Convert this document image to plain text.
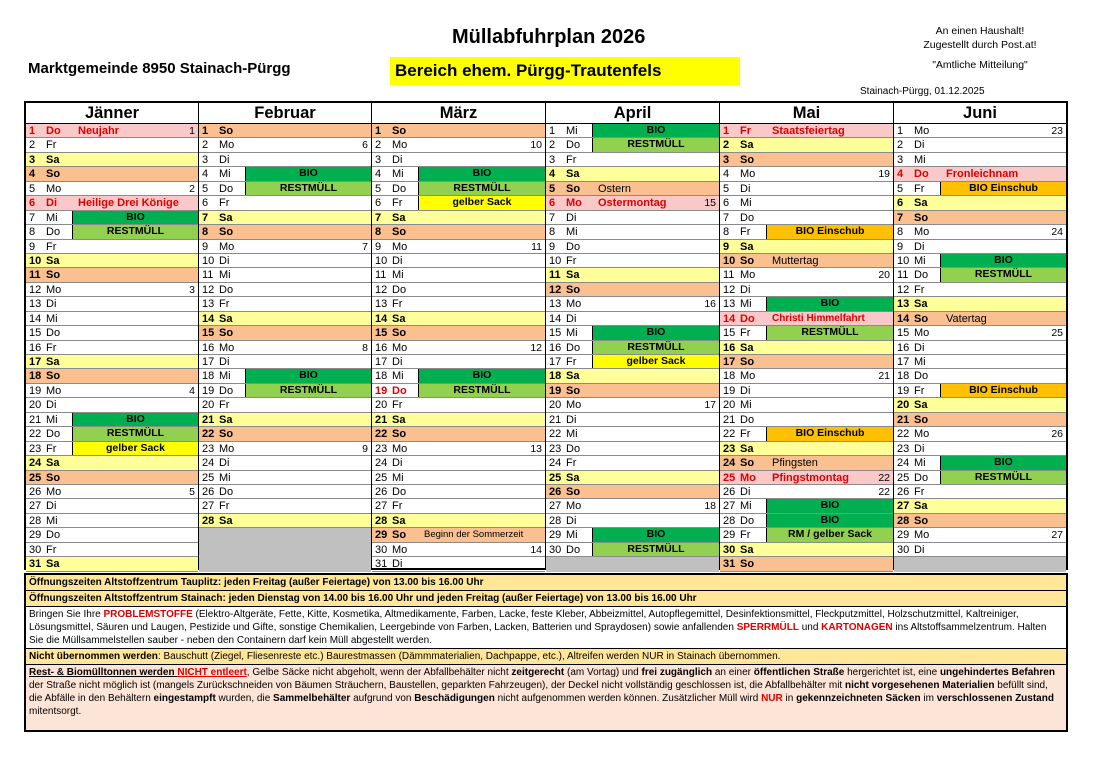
Müllabfuhrplan 2026
Marktgemeinde 8950 Stainach-Pürgg	Bereich ehem. Pürgg-Trautenfels
An einen Haushalt!
Zugestellt durch Post.at!
"Amtliche Mitteilung"
Stainach-Pürgg, 01.12.2025
Jänner
1 Do Neujahr	1
2 Fr
3 Sa
4 So
5 Mo	2
6 Di Heilige Drei Könige
7 Mi	BIO
8 Do	RESTMÜLL
9 Fr
10 Sa
11 So
12 Mo	3
13 Di
14 Mi
15 Do
16 Fr
17 Sa
18 So
19 Mo	4
20 Di
21 Mi	BIO
22 Do	RESTMÜLL
23 Fr	gelber Sack
24 Sa
25 So
26 Mo	5
27 Di
28 Mi
29 Do
30 Fr
31 Sa
Februar
1 So
2 Mo	6
3 Di
4 Mi	BIO
5 Do	RESTMÜLL
6 Fr
7 Sa
8 So
9 Mo	7
10 Di
11 Mi
12 Do
13 Fr
14 Sa
15 So
16 Mo	8
17 Di
18 Mi	BIO
19 Do	RESTMÜLL
20 Fr
21 Sa
22 So
23 Mo	9
24 Di
25 Mi
26 Do
27 Fr
28 Sa
März
1 So
2 Mo	10
3 Di
4 Mi	BIO
5 Do	RESTMÜLL
6 Fr	gelber Sack
7 Sa
8 So
9 Mo	11
10 Di
11 Mi
12 Do
13 Fr
14 Sa
15 So
16 Mo	12
17 Di
18 Mi	BIO
19 Do	RESTMÜLL
20 Fr
21 Sa
22 So
23 Mo	13
24 Di
25 Mi
26 Do
27 Fr
28 Sa
29 So Beginn der Sommerzeit
30 Mo	14
31 Di
April
1 Mi	BIO
2 Do	RESTMÜLL
3 Fr
4 Sa
5 So Ostern
6 Mo Ostermontag	15
7 Di
8 Mi
9 Do
10 Fr
11 Sa
12 So
13 Mo	16
14 Di
15 Mi	BIO
16 Do	RESTMÜLL
17 Fr	gelber Sack
18 Sa
19 So
20 Mo	17
21 Di
22 Mi
23 Do
24 Fr
25 Sa
26 So
27 Mo	18
28 Di
29 Mi	BIO
30 Do	RESTMÜLL
Mai
1 Fr Staatsfeiertag
2 Sa
3 So
4 Mo	19
5 Di
6 Mi
7 Do
8 Fr	BIO Einschub
9 Sa
10 So Muttertag
11 Mo	20
12 Di
13 Mi	BIO
14 Do Christi Himmelfahrt
15 Fr	RESTMÜLL
16 Sa
17 So
18 Mo	21
19 Di
20 Mi
21 Do
22 Fr	BIO Einschub
23 Sa
24 So Pfingsten
25 Mo Pfingstmontag	22
26 Di	22
27 Mi	BIO
28 Do	BIO
29 Fr	RM / gelber Sack
30 Sa
31 So
Juni
1 Mo	23
2 Di
3 Mi
4 Do Fronleichnam
5 Fr	BIO Einschub
6 Sa
7 So
8 Mo	24
9 Di
10 Mi	BIO
11 Do	RESTMÜLL
12 Fr
13 Sa
14 So Vatertag
15 Mo	25
16 Di
17 Mi
18 Do
19 Fr	BIO Einschub
20 Sa
21 So
22 Mo	26
23 Di
24 Mi	BIO
25 Do	RESTMÜLL
26 Fr
27 Sa
28 So
29 Mo	27
30 Di
Öffnungszeiten Altstoffzentrum Tauplitz: jeden Freitag (außer Feiertage) von 13.00 bis 16.00 Uhr
Öffnungszeiten Altstoffzentrum Stainach: jeden Dienstag von 14.00 bis 16.00 Uhr und jeden Freitag (außer Feiertage) von 13.00 bis 16.00 Uhr
Bringen Sie Ihre PROBLEMSTOFFE (Elektro-Altgeräte, Fette, Kitte, Kosmetika, Altmedikamente, Farben, Lacke, feste Kleber, Abbeizmittel, Autopflegemittel, Desinfektionsmittel, Fleckputzmittel, Holzschutzmittel, Kaltreiniger, Lösungsmittel, Säuren und Laugen, Pestizide und Gifte, sonstige Chemikalien, Leergebinde von Farben, Lacken, Batterien und Spraydosen) sowie anfallenden SPERRMÜLL und KARTONAGEN ins Altstoffsammelzentrum. Halten Sie die Müllsammelstellen sauber - neben den Containern darf kein Müll abgestellt werden.
Nicht übernommen werden: Bauschutt (Ziegel, Fliesenreste etc.) Baurestmassen (Dämmmaterialien, Dachpappe, etc.), Altreifen werden NUR in Stainach übernommen.
Rest- & Biomülltonnen werden NICHT entleert, Gelbe Säcke nicht abgeholt, wenn der Abfallbehälter nicht zeitgerecht (am Vortag) und frei zugänglich an einer öffentlichen Straße hergerichtet ist, eine ungehindertes Befahren der Straße nicht möglich ist (mangels Zurückschneiden von Bäumen Sträuchern, Baustellen, geparkten Fahrzeugen), der Deckel nicht vollständig geschlossen ist, die Abfallbehälter mit nicht vorgesehenen Materialien befüllt sind, die Abfälle in den Behältern eingestampft wurden, die Sammelbehälter aufgrund von Beschädigungen nicht aufgenommen werden können. Zusätzlicher Müll wird NUR in gekennzeichneten Säcken im verschlossenen Zustand mitentsorgt.
